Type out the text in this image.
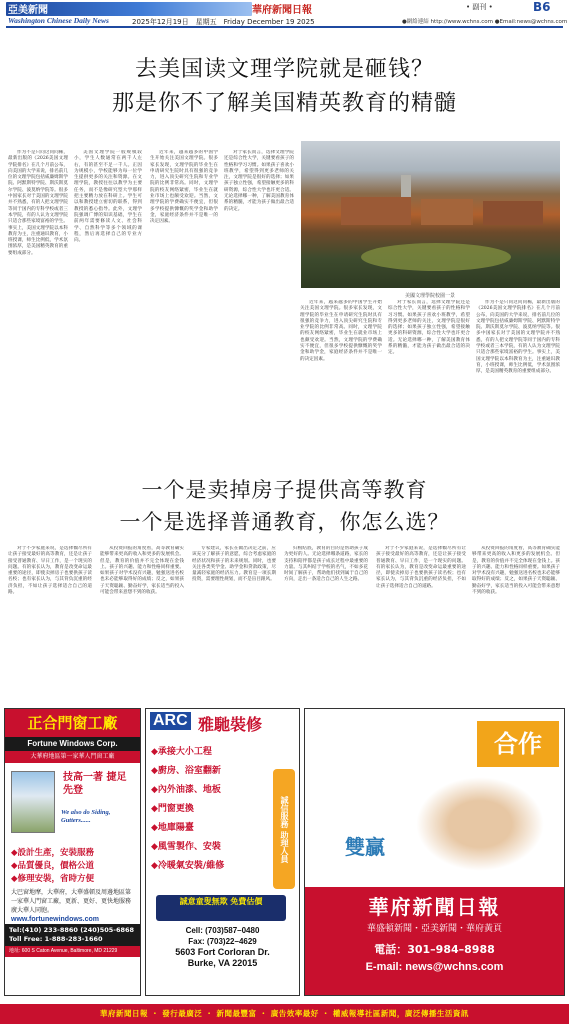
亞美新聞
Washington Chinese Daily News
華府新聞日報
2025年12月19日　星期五　Friday December 19 2025	●網絡連結 http://www.wchns.com ●Email:news@wchns.com
• 副刊 •	B6
去美国读文理学院就是砸钱？
那是你不了解美国精英教育的精髓

作为不是只问这问问稀，最新出版的《2026美国文理学院排名》在几个月前公布，向美国的大学来说，排名前几位的文理学院包括威廉姆斯学院、阿默斯特学院、斯沃斯莫尔学院、波莫纳学院等。很多中国家长对于美国的文理学院并不熟悉，有的人把文理学院等同于国内的专科学校或者三本学院，有的人认为文理学院只适合那些家境富裕的学生。事实上，美国文理学院以本科教育为主，注重通识教育，小班授课，师生比例低，学术氛围浓厚，是美国精英教育的重要组成部分。

美国文理学院一般规模较小，学生人数通常在两千人左右，有的甚至不足一千人。正因为规模小，学校能够为每一位学生提供更多的关注和资源。在文理学院，教授往往以教学为主要任务，而不是像研究型大学那样把主要精力放在科研上。学生可以和教授建立密切的联系，得到教授的悉心指导。此外，文理学院强调广博的知识基础，学生在前两年需要修读人文、社会科学、自然科学等多个领域的课程，然后再选择自己的专业方向。

近年来，越来越多的中国学生开始关注美国文理学院。很多家长发现，文理学院的毕业生在申请研究生院时具有很强的竞争力，进入顶尖研究生院和专业学院的比例非常高。同时，文理学院的校友网络紧密，毕业生在就业市场上也颇受欢迎。当然，文理学院的学费确实不便宜，但很多学校提供慷慨的奖学金和助学金，家庭经济条件并不是唯一的决定因素。

对于家长而言，选择文理学院还是综合性大学，关键要看孩子的性格和学习习惯。如果孩子喜欢小班教学，希望得到更多老师的关注，文理学院是很好的选择；如果孩子独立性强，希望接触更多的科研资源，综合性大学也许更合适。无论选择哪一种，了解美国教育体系的精髓，才能为孩子做出最合适的决定。

美國文理學院校園一景

近年来，越来越多的中国学生开始关注美国文理学院。很多家长发现，文理学院的毕业生在申请研究生院时具有很强的竞争力，进入顶尖研究生院和专业学院的比例非常高。同时，文理学院的校友网络紧密，毕业生在就业市场上也颇受欢迎。当然，文理学院的学费确实不便宜，但很多学校提供慷慨的奖学金和助学金，家庭经济条件并不是唯一的决定因素。

对于家长而言，选择文理学院还是综合性大学，关键要看孩子的性格和学习习惯。如果孩子喜欢小班教学，希望得到更多老师的关注，文理学院是很好的选择；如果孩子独立性强，希望接触更多的科研资源，综合性大学也许更合适。无论选择哪一种，了解美国教育体系的精髓，才能为孩子做出最合适的决定。

作为不是只问这问问稀，最新出版的《2026美国文理学院排名》在几个月前公布，向美国的大学来说，排名前几位的文理学院包括威廉姆斯学院、阿默斯特学院、斯沃斯莫尔学院、波莫纳学院等。很多中国家长对于美国的文理学院并不熟悉，有的人把文理学院等同于国内的专科学校或者三本学院，有的人认为文理学院只适合那些家境富裕的学生。事实上，美国文理学院以本科教育为主，注重通识教育，小班授课，师生比例低，学术氛围浓厚，是美国精英教育的重要组成部分。

一个是卖掉房子提供高等教育
一个是选择普通教育，你怎么选？

对于不少家庭来说，是选择倾尽所有让孩子接受最好的高等教育，还是让孩子接受普通教育、早日工作，是一个现实的问题。有的家长认为，教育是改变命运最重要的途径，即使卖掉房子也要供孩子读名校；也有家长认为，与其背负沉重的经济负担，不如让孩子选择适合自己的道路。

从投资回报的角度看，高等教育确实能够带来更高的收入和更多的发展机会。但是，教育的价值并不完全体现在金钱上。孩子的兴趣、能力和性格同样重要。如果孩子对学术没有兴趣，勉强送进名校也未必能够取得好的成绩；反之，如果孩子天资聪颖、勤奋好学，家长适当的投入可能会带来意想不到的收获。

专家建议，家长在做出决定之前，应该充分了解孩子的意愿，综合考虑家庭的经济状况和孩子的未来规划。同时，也要关注各类奖学金、助学金和贷款政策，尽量减轻家庭的经济压力。教育是一项长期投资，需要理性规划，而不是盲目跟风。

归根结底，教育的目的是帮助孩子成为更好的人。无论选择哪条道路，家长的支持和陪伴都是孩子成长过程中最重要的力量。与其纠结于学校的名气，不如多花时间了解孩子，帮助他们找到属于自己的方向，走出一条适合自己的人生之路。

对于不少家庭来说，是选择倾尽所有让孩子接受最好的高等教育，还是让孩子接受普通教育、早日工作，是一个现实的问题。有的家长认为，教育是改变命运最重要的途径，即使卖掉房子也要供孩子读名校；也有家长认为，与其背负沉重的经济负担，不如让孩子选择适合自己的道路。

从投资回报的角度看，高等教育确实能够带来更高的收入和更多的发展机会。但是，教育的价值并不完全体现在金钱上。孩子的兴趣、能力和性格同样重要。如果孩子对学术没有兴趣，勉强送进名校也未必能够取得好的成绩；反之，如果孩子天资聪颖、勤奋好学，家长适当的投入可能会带来意想不到的收获。

正合門窗工廠
Fortune Windows Corp.
大華府地區第一家華人門窗工廠
技高一著 捷足先登
We also do Siding, Gutters......
◆設計生產，安裝服務
◆品質優良，價格公道
◆修理安裝，省時方便
大巴窗地摩，大華府，大華盛頓及周邊地區第一家華人門窗工廠，更新、更好、更快地服務廣大華人同胞。
www.fortunewindows.com
Tel:(410) 233-8860 (240)505-6868
Toll Free: 1-888-283-1660
地址: 600 S Caton Avenue, Baltimore, MD 21229
ARC 雅馳裝修
◆承接大小工程
◆廚房、浴室翻新
◆內外油漆、地板
◆門窗更換
◆地庫陽臺
◆風雪製作、安裝
◆冷暖氣安裝/維修
誠信服務 助理人員
誠意童叟無欺 免費估價
Cell: (703)587–0480
Fax: (703)22–4629
5603 Fort Corloran Dr.
Burke, VA 22015
合作
雙贏
華府新聞日報
華盛頓新聞・亞美新聞・華府黃頁
電話：301–984–8988
E-mail: news@wchns.com
華府新聞日報 ・ 發行最廣泛 ・ 新聞最豐富 ・ 廣告效率最好 ・ 權威報導社區新聞，廣泛傳播生活資訊
